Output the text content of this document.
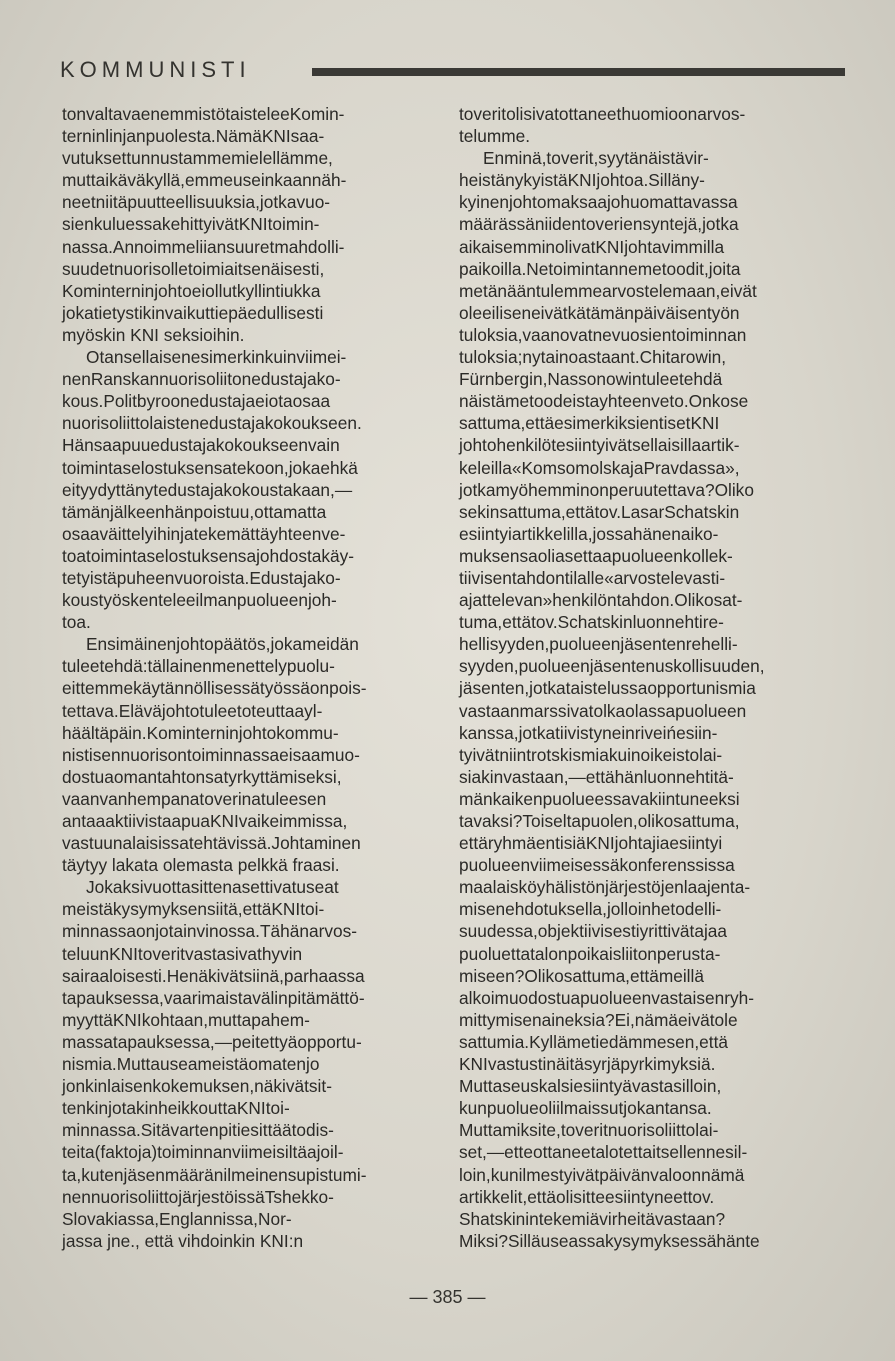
KOMMUNISTI
tonvaltavaenemmistötaisteleeKomin-
terninlinjanpuolesta.NämäKNIsaa-
vutuksettunnustammemielellämme,
muttaikäväkyllä,emmeuseinkaannäh-
neetniitäpuutteellisuuksia,jotkavuo-
sienkuluessakehittyivätKNItoimin-
nassa.Annoimmeliiansuuretmahdolli-
suudetnuorisolletoimiaitsenäisesti,
Kominterninjohtoeiollutkyllintiukka
jokatietystikinvaikuttiepäedullisesti
myöskin KNI seksioihin.
Otansellaisenesimerkinkuinviimei-
nenRanskannuorisoliitonedustajako-
kous.Politbyroonedustajaeiotaosaa
nuorisoliittolaistenedustajakokoukseen.
Hänsaapuuedustajakokoukseenvain
toimintaselostuksensatekoon,jokaehkä
eityydyttänytedustajakokoustakaan,—
tämänjälkeenhänpoistuu,ottamatta
osaaväittelyihinjatekemättäyhteenve-
toatoimintaselostuksensajohdostakäy-
tetyistäpuheenvuoroista.Edustajako-
koustyöskenteleeilmanpuolueenjoh-
toa.
Ensimäinenjohtopäätös,jokameidän
tuleetehdä:tällainenmenettelypuolu-
eittemmekäytännöllisessätyössäonpois-
tettava.Eläväjohtotuleetoteuttaayl-
häältäpäin.Kominterninjohtokommu-
nistisennuorisontoiminnassaeisaamuo-
dostuaomantahtonsatyrkyttämiseksi,
vaanvanhempanatoverinatuleesen
antaaaktiivistaapuaKNIvaikeimmissa,
vastuunalaisissatehtävissä.Johtaminen
täytyy lakata olemasta pelkkä fraasi.
Jokaksivuottasittenasettivatuseat
meistäkysymyksensiitä,ettäKNItoi-
minnassaonjotainvinossa.Tähänarvos-
teluunKNItoveritvastasivathyvin
sairaaloisesti.Henäkivätsiinä,parhaassa
tapauksessa,vaarimaistavälinpitämättö-
myyttäKNIkohtaan,muttapahem-
massatapauksessa,—peitettyäopportu-
nismia.Muttauseameistäomatenjo
jonkinlaisenkokemuksen,näkivätsit-
tenkinjotakinheikkouttaKNItoi-
minnassa.Sitävartenpitiesittäätodis-
teita(faktoja)toiminnanviimeisiltäajoil-
ta,kutenjäsenmääränilmeinensupistumi-
nennuorisoliittojärjestöissäTshekko-
Slovakiassa,Englannissa,Nor-
jassa jne., että vihdoinkin KNI:n
toveritolisivatottaneethuomioonarvos-
telumme.
Enminä,toverit,syytänäistävir-
heistänykyistäKNIjohtoa.Silläny-
kyinenjohtomaksaajohuomattavassa
määrässäniidentoveriensyntejä,jotka
aikaisemminolivatKNIjohtavimmilla
paikoilla.Netoimintannemetoodit,joita
metänääntulemmearvostelemaan,eivät
oleeiliseneivätkätämänpäiväisentyön
tuloksia,vaanovatnevuosientoiminnan
tuloksia;nytainoastaant.Chitarowin,
Fürnbergin,Nassonowintuleetehdä
näistämetoodeistayhteenveto.Onkose
sattuma,ettäesimerkiksientisetKNI
johtohenkilötesiintyivätsellaisillaartik-
keleilla«KomsomolskajaPravdassa»,
jotkamyöhemminonperuutettava?Oliko
sekinsattuma,ettätov.LasarSchatskin
esiintyiartikkelilla,jossahänenaiko-
muksensaoliasettaapuolueenkollek-
tiivisentahdontilalle«arvostelevasti-
ajattelevan»henkilöntahdon.Olikosat-
tuma,ettätov.Schatskinluonnehtire-
hellisyyden,puolueenjäsentenrehelli-
syyden,puolueenjäsentenuskollisuuden,
jäsenten,jotkataistelussaopportunismia
vastaanmarssivatolkaolassapuolueen
kanssa,jotkatiivistyneinriveińesiin-
tyivätniintrotskismiakuinoikeistolai-
siakinvastaan,—ettähänluonnehtitä-
mänkaikenpuolueessavakiintuneeksi
tavaksi?Toiseltapuolen,olikosattuma,
ettäryhmäentisiäKNIjohtajiaesiintyi
puolueenviimeisessäkonferenssissa
maalaisköyhälistönjärjestöjenlaajenta-
misenehdotuksella,jolloinhetodelli-
suudessa,objektiivisestiyrittivätajaa
puoluettatalonpoikaisliitonperusta-
miseen?Olikosattuma,ettämeillä
alkoimuodostuapuolueenvastaisenryh-
mittymisenaineksia?Ei,nämäeivätole
sattumia.Kyllämetiedämmesen,että
KNIvastustinäitäsyrjäpyrkimyksiä.
Muttaseuskalsiesiintyävastasilloin,
kunpuolueoliilmaissutjokantansa.
Muttamiksite,toveritnuorisoliittolai-
set,—etteottaneetalotettaitsellennesil-
loin,kunilmestyivätpäivänvaloonnämä
artikkelit,ettäolisitteesiintyneettov.
Shatskinintekemiävirheitävastaan?
Miksi?Silläuseassakysymyksessähänte
— 385 —
